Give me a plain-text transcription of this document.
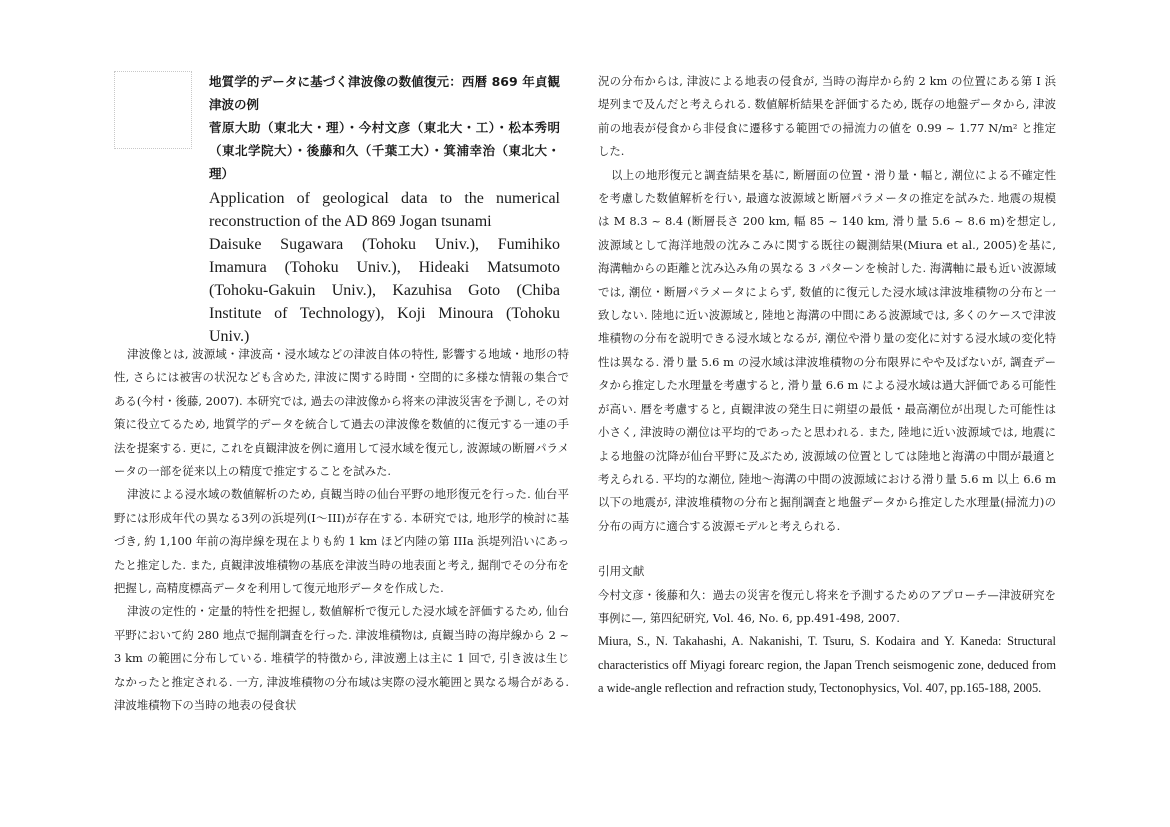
地質学的データに基づく津波像の数値復元：西暦 869 年貞観津波の例

菅原大助（東北大・理）・今村文彦（東北大・工）・松本秀明（東北学院大）・後藤和久（千葉工大）・箕浦幸治（東北大・理）

Application of geological data to the numerical reconstruction of the AD 869 Jogan tsunami

Daisuke Sugawara (Tohoku Univ.), Fumihiko Imamura (Tohoku Univ.), Hideaki Matsumoto (Tohoku-Gakuin Univ.), Kazuhisa Goto (Chiba Institute of Technology), Koji Minoura (Tohoku Univ.)

津波像とは, 波源域・津波高・浸水域などの津波自体の特性, 影響する地域・地形の特性, さらには被害の状況なども含めた, 津波に関する時間・空間的に多様な情報の集合である(今村・後藤, 2007). 本研究では, 過去の津波像から将来の津波災害を予測し, その対策に役立てるため, 地質学的データを統合して過去の津波像を数値的に復元する一連の手法を提案する. 更に, これを貞観津波を例に適用して浸水域を復元し, 波源域の断層パラメータの一部を従来以上の精度で推定することを試みた.

津波による浸水域の数値解析のため, 貞観当時の仙台平野の地形復元を行った. 仙台平野には形成年代の異なる3列の浜堤列(I～III)が存在する. 本研究では, 地形学的検討に基づき, 約 1,100 年前の海岸線を現在よりも約 1 km ほど内陸の第 IIIa 浜堤列沿いにあったと推定した. また, 貞観津波堆積物の基底を津波当時の地表面と考え, 掘削でその分布を把握し, 高精度標高データを利用して復元地形データを作成した.

津波の定性的・定量的特性を把握し, 数値解析で復元した浸水域を評価するため, 仙台平野において約 280 地点で掘削調査を行った. 津波堆積物は, 貞観当時の海岸線から 2 ~ 3 km の範囲に分布している. 堆積学的特徴から, 津波遡上は主に 1 回で, 引き波は生じなかったと推定される. 一方, 津波堆積物の分布域は実際の浸水範囲と異なる場合がある. 津波堆積物下の当時の地表の侵食状

況の分布からは, 津波による地表の侵食が, 当時の海岸から約 2 km の位置にある第 I 浜堤列まで及んだと考えられる. 数値解析結果を評価するため, 既存の地盤データから, 津波前の地表が侵食から非侵食に遷移する範囲での掃流力の値を 0.99 ~ 1.77 N/m² と推定した.

以上の地形復元と調査結果を基に, 断層面の位置・滑り量・幅と, 潮位による不確定性を考慮した数値解析を行い, 最適な波源域と断層パラメータの推定を試みた. 地震の規模は M 8.3 ~ 8.4 (断層長さ 200 km, 幅 85 ~ 140 km, 滑り量 5.6 ~ 8.6 m)を想定し, 波源域として海洋地殻の沈みこみに関する既往の観測結果(Miura et al., 2005)を基に, 海溝軸からの距離と沈み込み角の異なる 3 パターンを検討した. 海溝軸に最も近い波源域では, 潮位・断層パラメータによらず, 数値的に復元した浸水域は津波堆積物の分布と一致しない. 陸地に近い波源域と, 陸地と海溝の中間にある波源域では, 多くのケースで津波堆積物の分布を説明できる浸水域となるが, 潮位や滑り量の変化に対する浸水域の変化特性は異なる. 滑り量 5.6 m の浸水域は津波堆積物の分布限界にやや及ばないが, 調査データから推定した水理量を考慮すると, 滑り量 6.6 m による浸水域は過大評価である可能性が高い. 暦を考慮すると, 貞観津波の発生日に朔望の最低・最高潮位が出現した可能性は小さく, 津波時の潮位は平均的であったと思われる. また, 陸地に近い波源域では, 地震による地盤の沈降が仙台平野に及ぶため, 波源域の位置としては陸地と海溝の中間が最適と考えられる. 平均的な潮位, 陸地～海溝の中間の波源域における滑り量 5.6 m 以上 6.6 m 以下の地震が, 津波堆積物の分布と掘削調査と地盤データから推定した水理量(掃流力)の分布の両方に適合する波源モデルと考えられる.

引用文献

今村文彦・後藤和久：過去の災害を復元し将来を予測するためのアプローチ—津波研究を事例に—, 第四紀研究, Vol. 46, No. 6, pp.491-498, 2007.

Miura, S., N. Takahashi, A. Nakanishi, T. Tsuru, S. Kodaira and Y. Kaneda: Structural characteristics off Miyagi forearc region, the Japan Trench seismogenic zone, deduced from a wide-angle reflection and refraction study, Tectonophysics, Vol. 407, pp.165-188, 2005.
